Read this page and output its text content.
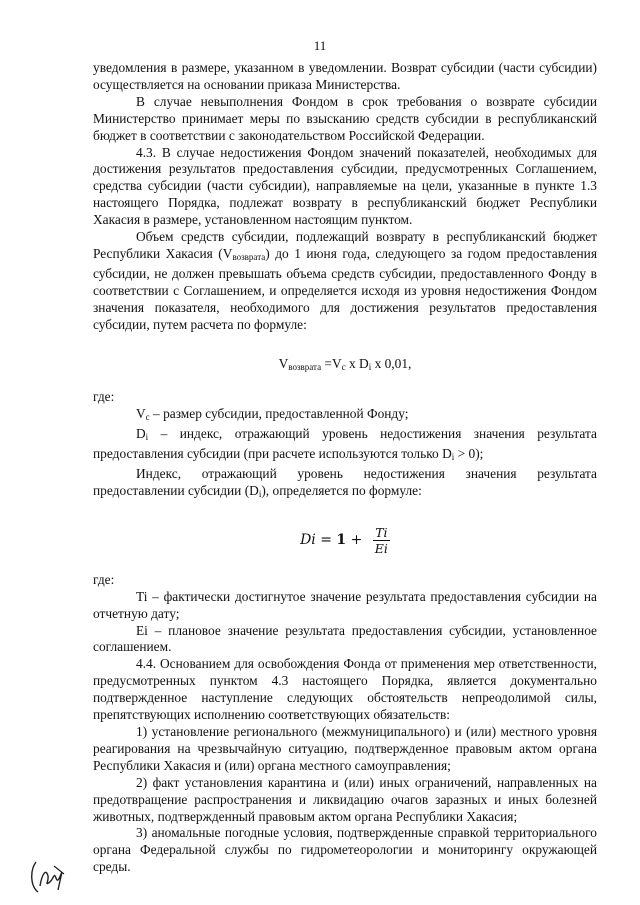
11

уведомления в размере, указанном в уведомлении. Возврат субсидии (части субсидии) осуществляется на основании приказа Министерства.

В случае невыполнения Фондом в срок требования о возврате субсидии Министерство принимает меры по взысканию средств субсидии в республиканский бюджет в соответствии с законодательством Российской Федерации.

4.3. В случае недостижения Фондом значений показателей, необходимых для достижения результатов предоставления субсидии, предусмотренных Соглашением, средства субсидии (части субсидии), направляемые на цели, указанные в пункте 1.3 настоящего Порядка, подлежат возврату в республиканский бюджет Республики Хакасия в размере, установленном настоящим пунктом.

Объем средств субсидии, подлежащий возврату в республиканский бюджет Республики Хакасия (Vвозврата) до 1 июня года, следующего за годом предоставления субсидии, не должен превышать объема средств субсидии, предоставленного Фонду в соответствии с Соглашением, и определяется исходя из уровня недостижения Фондом значения показателя, необходимого для достижения результатов предоставления субсидии, путем расчета по формуле:

$V_{возврата} =V_c$ x $D_i$ x 0,01,

где:

Vc – размер субсидии, предоставленной Фонду;

Di – индекс, отражающий уровень недостижения значения результата предоставления субсидии (при расчете используются только Di > 0);

Индекс, отражающий уровень недостижения значения результата предоставлении субсидии (Di), определяется по формуле:

$Di = 1 + \frac{Ti}{Ei}$

где:

Ti – фактически достигнутое значение результата предоставления субсидии на отчетную дату;

Ei – плановое значение результата предоставления субсидии, установленное соглашением.

4.4. Основанием для освобождения Фонда от применения мер ответственности, предусмотренных пунктом 4.3 настоящего Порядка, является документально подтвержденное наступление следующих обстоятельств непреодолимой силы, препятствующих исполнению соответствующих обязательств:

1) установление регионального (межмуниципального) и (или) местного уровня реагирования на чрезвычайную ситуацию, подтвержденное правовым актом органа Республики Хакасия и (или) органа местного самоуправления;

2) факт установления карантина и (или) иных ограничений, направленных на предотвращение распространения и ликвидацию очагов заразных и иных болезней животных, подтвержденный правовым актом органа Республики Хакасия;

3) аномальные погодные условия, подтвержденные справкой территориального органа Федеральной службы по гидрометеорологии и мониторингу окружающей среды.
